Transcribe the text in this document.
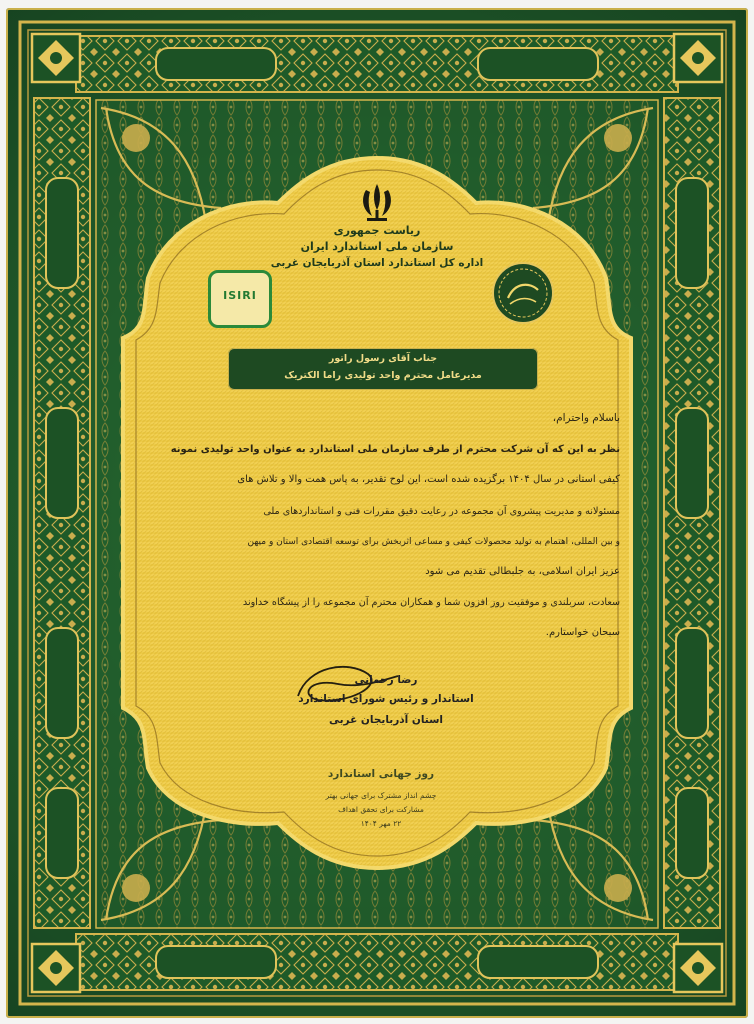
ریاست جمهوری
سازمان ملی استاندارد ایران
اداره کل استاندارد استان آذربایجان غربی
ISIRI
جناب آقای رسول راتور
مدیرعامل محترم واحد تولیدی راما الکتریک
باسلام واحترام،
نظر به این که آن شرکت محترم از طرف سازمان ملی استاندارد به عنوان واحد تولیدی نمونه
کیفی استانی در سال ۱۴۰۴ برگزیده شده است، این لوح تقدیر، به پاس همت والا و تلاش های
مسئولانه و مدیریت پیشروی آن مجموعه در رعایت دقیق مقررات فنی و استانداردهای ملی
و بین المللی، اهتمام به تولید محصولات کیفی و مساعی اثربخش برای توسعه اقتصادی استان و میهن
عزیز ایران اسلامی، به جلبطالی تقدیم می شود
سعادت، سربلندی و موفقیت روز افزون شما و همکاران محترم آن مجموعه را از پیشگاه خداوند
سبحان خواستارم.
رضا رحمانی
استاندار و رئیس شورای استاندارد
استان آذربایجان غربی
روز جهانی استاندارد
چشم انداز مشترک برای جهانی بهتر
مشارکت برای تحقق اهداف
۲۲ مهر ۱۴۰۴
